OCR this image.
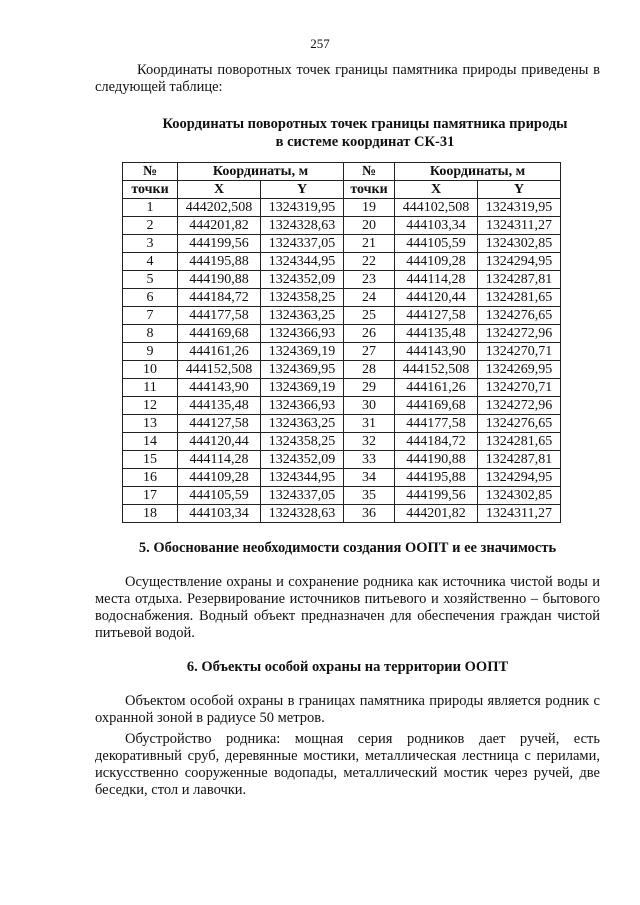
257
Координаты поворотных точек границы памятника природы приведены в следующей таблице:
Координаты поворотных точек границы памятника природы
в системе координат СК-31
№	Координаты, м		№	Координаты, м	
точки	X	Y	точки	X	Y
1	444202,508	1324319,95	19	444102,508	1324319,95
2	444201,82	1324328,63	20	444103,34	1324311,27
3	444199,56	1324337,05	21	444105,59	1324302,85
4	444195,88	1324344,95	22	444109,28	1324294,95
5	444190,88	1324352,09	23	444114,28	1324287,81
6	444184,72	1324358,25	24	444120,44	1324281,65
7	444177,58	1324363,25	25	444127,58	1324276,65
8	444169,68	1324366,93	26	444135,48	1324272,96
9	444161,26	1324369,19	27	444143,90	1324270,71
10	444152,508	1324369,95	28	444152,508	1324269,95
11	444143,90	1324369,19	29	444161,26	1324270,71
12	444135,48	1324366,93	30	444169,68	1324272,96
13	444127,58	1324363,25	31	444177,58	1324276,65
14	444120,44	1324358,25	32	444184,72	1324281,65
15	444114,28	1324352,09	33	444190,88	1324287,81
16	444109,28	1324344,95	34	444195,88	1324294,95
17	444105,59	1324337,05	35	444199,56	1324302,85
18	444103,34	1324328,63	36	444201,82	1324311,27
5. Обоснование необходимости создания ООПТ и ее значимость
Осуществление охраны и сохранение родника как источника чистой воды и места отдыха. Резервирование источников питьевого и хозяйственно – бытового водоснабжения. Водный объект предназначен для обеспечения граждан чистой питьевой водой.
6. Объекты особой охраны на территории ООПТ
Объектом особой охраны в границах памятника природы является родник с охранной зоной в радиусе 50 метров.
Обустройство родника: мощная серия родников дает ручей, есть декоративный сруб, деревянные мостики, металлическая лестница с перилами, искусственно сооруженные водопады, металлический мостик через ручей, две беседки, стол и лавочки.
